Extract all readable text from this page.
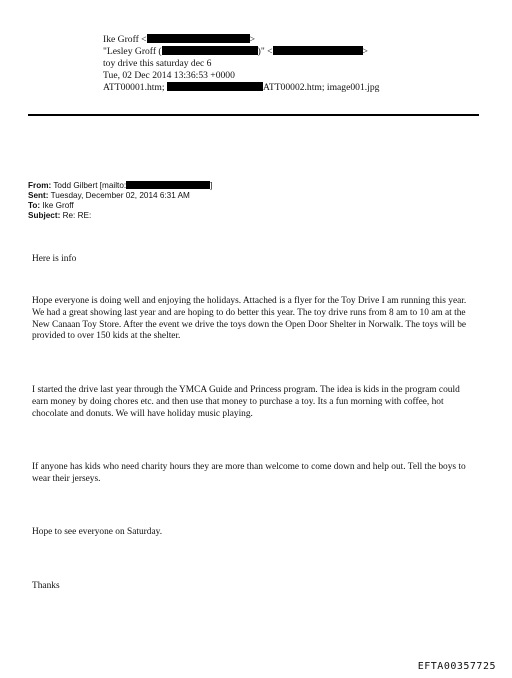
Ike Groff <	>
"Lesley Groff (	)" <	>
toy drive this saturday dec 6
Tue, 02 Dec 2014 13:36:53 +0000
ATT00001.htm;	ATT00002.htm; image001.jpg
From: Todd Gilbert [mailto:	]
Sent: Tuesday, December 02, 2014 6:31 AM
To: Ike Groff
Subject: Re: RE:
Here is info
Hope everyone is doing well and enjoying the holidays. Attached is a flyer for the Toy Drive I am running this year. We had a great showing last year and are hoping to do better this year. The toy drive runs from 8 am to 10 am at the New Canaan Toy Store. After the event we drive the toys down the Open Door Shelter in Norwalk. The toys will be provided to over 150 kids at the shelter.
I started the drive last year through the YMCA Guide and Princess program. The idea is kids in the program could earn money by doing chores etc. and then use that money to purchase a toy. Its a fun morning with coffee, hot chocolate and donuts. We will have holiday music playing.
If anyone has kids who need charity hours they are more than welcome to come down and help out. Tell the boys to wear their jerseys.
Hope to see everyone on Saturday.
Thanks
EFTA00357725
